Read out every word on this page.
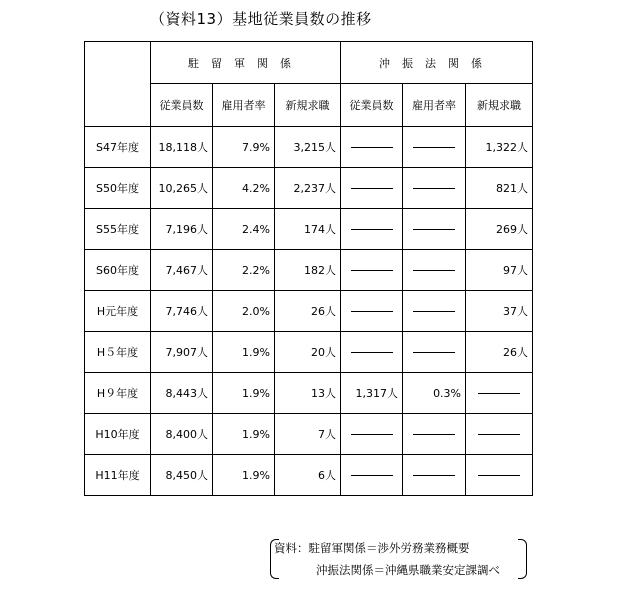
（資料13）基地従業員数の推移
	駐留軍関係			沖振法関係		
	従業員数	雇用者率	新規求職	従業員数	雇用者率	新規求職
S47年度	18,118人	7.9%	3,215人			1,322人
S50年度	10,265人	4.2%	2,237人			821人
S55年度	7,196人	2.4%	174人			269人
S60年度	7,467人	2.2%	182人			97人
H元年度	7,746人	2.0%	26人			37人
H５年度	7,907人	1.9%	20人			26人
H９年度	8,443人	1.9%	13人	1,317人	0.3%	
H10年度	8,400人	1.9%	7人			
H11年度	8,450人	1.9%	6人			
資料：駐留軍関係＝渉外労務業務概要
沖振法関係＝沖縄県職業安定課調べ
